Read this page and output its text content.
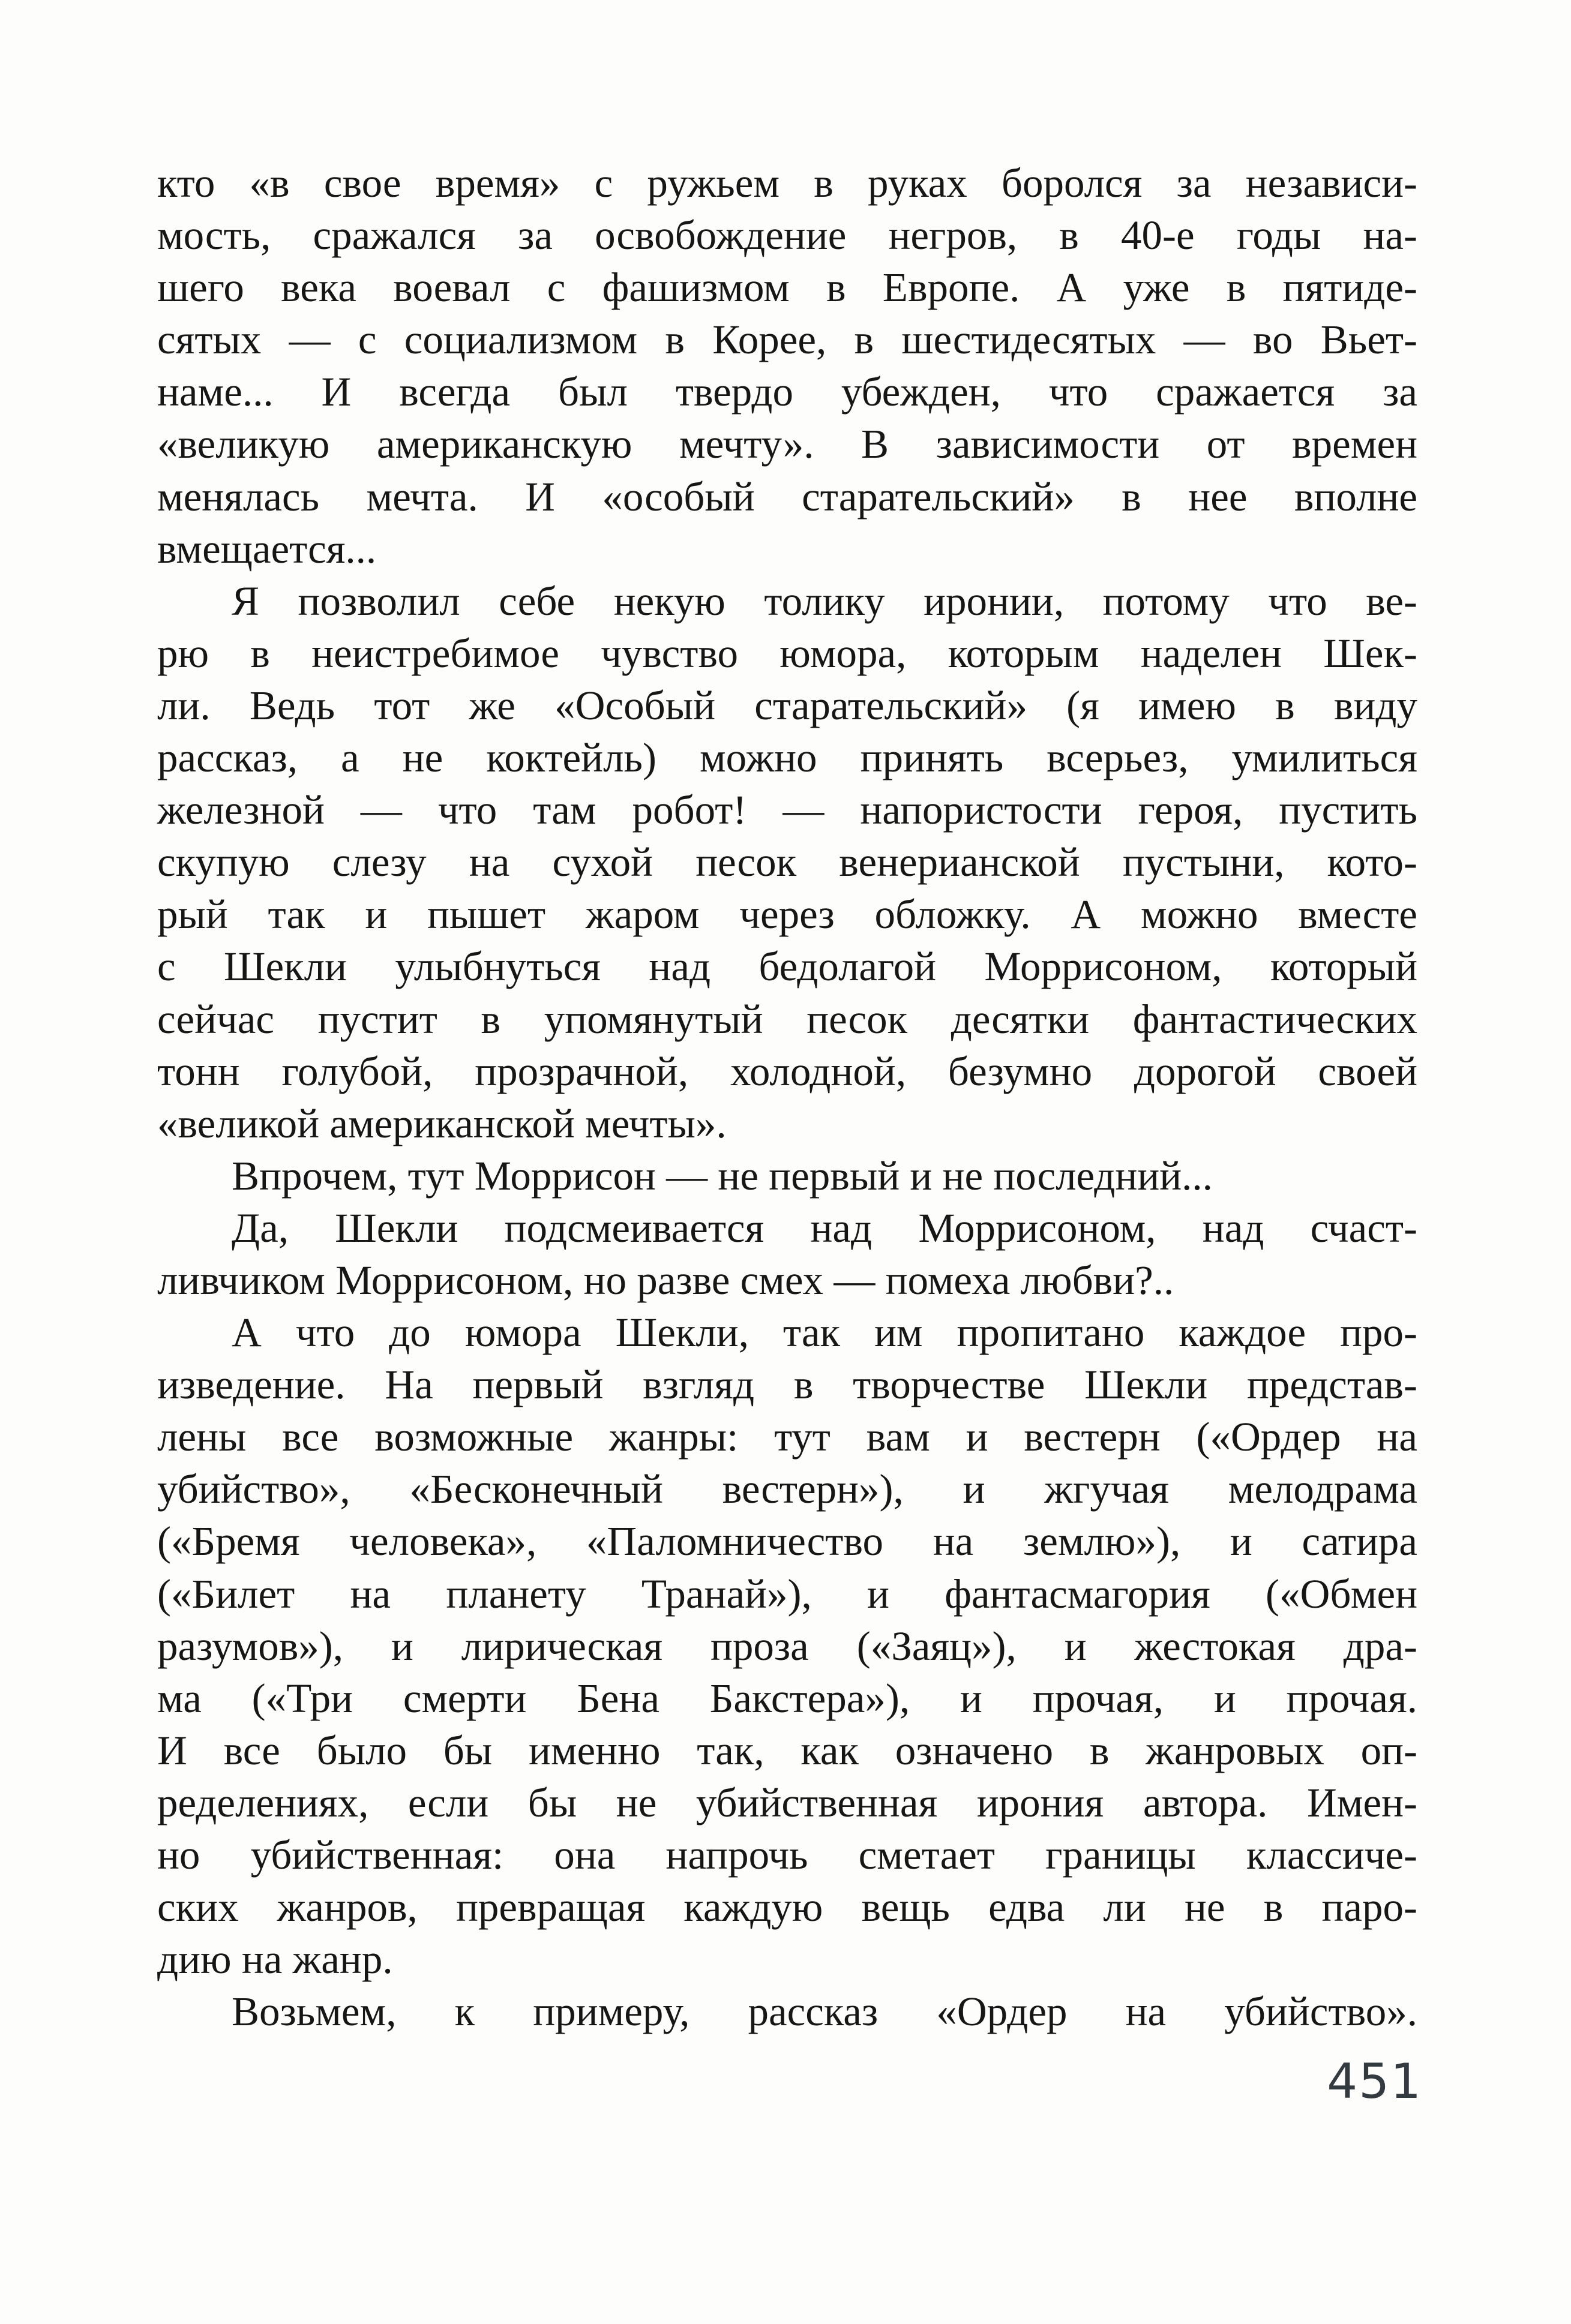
кто «в свое время» с ружьем в руках боролся за независи-
мость, сражался за освобождение негров, в 40-е годы на-
шего века воевал с фашизмом в Европе. А уже в пятиде-
сятых — с социализмом в Корее, в шестидесятых — во Вьет-
наме... И всегда был твердо убежден, что сражается за
«великую американскую мечту». В зависимости от времен
менялась мечта. И «особый старательский» в нее вполне
вмещается...
Я позволил себе некую толику иронии, потому что ве-
рю в неистребимое чувство юмора, которым наделен Шек-
ли. Ведь тот же «Особый старательский» (я имею в виду
рассказ, а не коктейль) можно принять всерьез, умилиться
железной — что там робот! — напористости героя, пустить
скупую слезу на сухой песок венерианской пустыни, кото-
рый так и пышет жаром через обложку. А можно вместе
с Шекли улыбнуться над бедолагой Моррисоном, который
сейчас пустит в упомянутый песок десятки фантастических
тонн голубой, прозрачной, холодной, безумно дорогой своей
«великой американской мечты».
Впрочем, тут Моррисон — не первый и не последний...
Да, Шекли подсмеивается над Моррисоном, над счаст-
ливчиком Моррисоном, но разве смех — помеха любви?..
А что до юмора Шекли, так им пропитано каждое про-
изведение. На первый взгляд в творчестве Шекли представ-
лены все возможные жанры: тут вам и вестерн («Ордер на
убийство», «Бесконечный вестерн»), и жгучая мелодрама
(«Бремя человека», «Паломничество на землю»), и сатира
(«Билет на планету Транай»), и фантасмагория («Обмен
разумов»), и лирическая проза («Заяц»), и жестокая дра-
ма («Три смерти Бена Бакстера»), и прочая, и прочая.
И все было бы именно так, как означено в жанровых оп-
ределениях, если бы не убийственная ирония автора. Имен-
но убийственная: она напрочь сметает границы классиче-
ских жанров, превращая каждую вещь едва ли не в паро-
дию на жанр.
Возьмем, к примеру, рассказ «Ордер на убийство».
451
